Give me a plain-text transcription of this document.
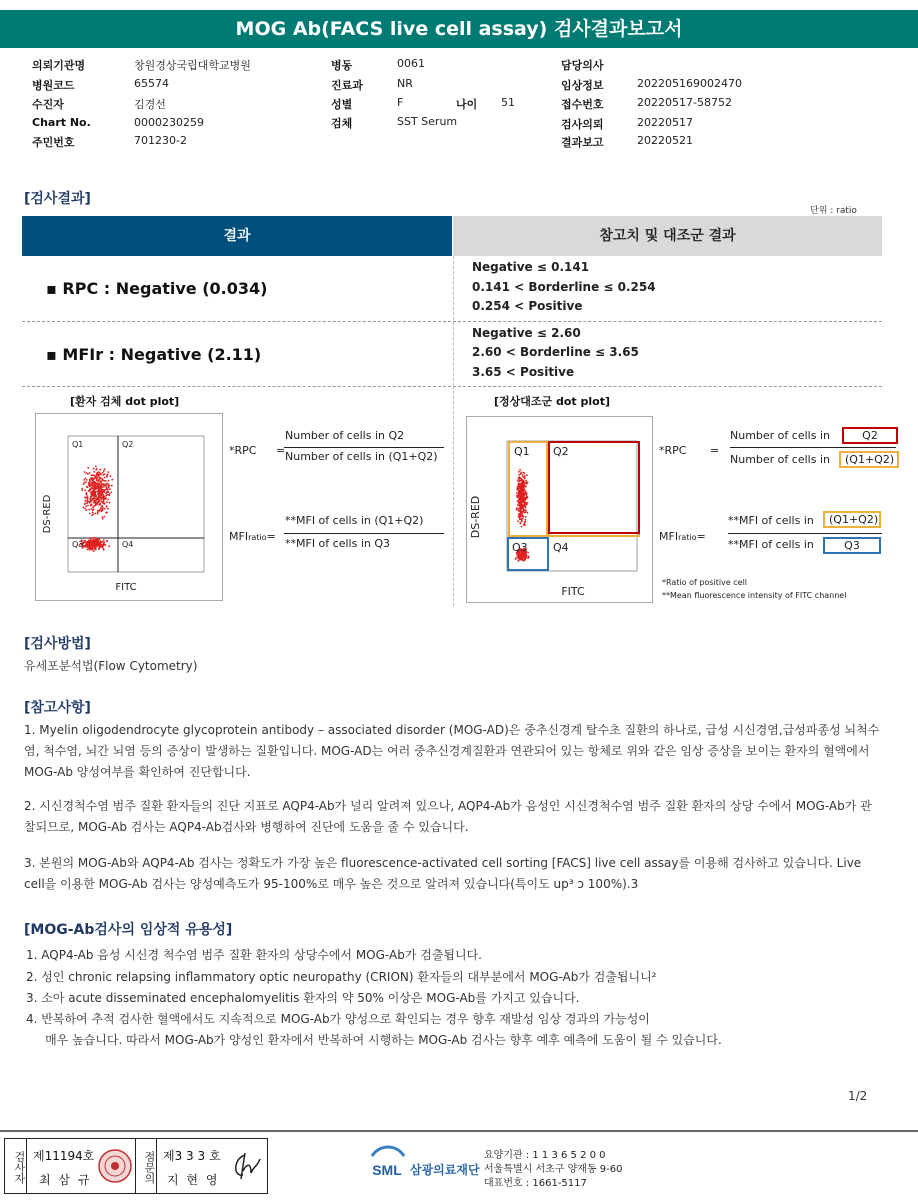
MOG Ab(FACS live cell assay) 검사결과보고서
의뢰기관명	창원경상국립대학교병원
병원코드	65574
수진자	김경선
Chart No.	0000230259
주민번호	701230-2
병동	0061
진료과	NR
성별	F	나이 51
검체	SST Serum
담당의사
임상정보	202205169002470
접수번호	20220517-58752
검사의뢰	20220517
결과보고	20220521
[검사결과]
단위 : ratio
결과	참고치 및 대조군 결과
▪ RPC : Negative (0.034)
Negative ≤ 0.141
0.141 < Borderline ≤ 0.254
0.254 < Positive
▪ MFIr : Negative (2.11)
Negative ≤ 2.60
2.60 < Borderline ≤ 3.65
3.65 < Positive
[환자 검체 dot plot]
Q1	Q2
Q3	Q4
FITC
DS-RED
*RPC =
Number of cells in Q2
Number of cells in (Q1+Q2)
MFIratio=
**MFI of cells in (Q1+Q2)
**MFI of cells in Q3
[정상대조군 dot plot]
Q1 Q2
Q3 Q4
FITC
DS-RED
*RPC =
Number of cells in	Q2
Number of cells in	(Q1+Q2)
MFIratio=
**MFI of cells in	(Q1+Q2)
**MFI of cells in	Q3
*Ratio of positive cell
**Mean fluorescence intensity of FITC channel
[검사방법]
유세포분석법(Flow Cytometry)
[참고사항]
1. Myelin oligodendrocyte glycoprotein antibody – associated disorder (MOG-AD)은 중추신경계 탈수초 질환의 하나로, 급성 시신경염,급성파종성 뇌척수염, 척수염, 뇌간 뇌염 등의 증상이 발생하는 질환입니다. MOG-AD는 여러 중추신경계질환과 연관되어 있는 항체로 위와 같은 임상 증상을 보이는 환자의 혈액에서 MOG-Ab 양성여부를 확인하여 진단합니다.
2. 시신경척수염 범주 질환 환자들의 진단 지표로 AQP4-Ab가 널리 알려져 있으나, AQP4-Ab가 음성인 시신경척수염 범주 질환 환자의 상당 수에서 MOG-Ab가 관찰되므로, MOG-Ab 검사는 AQP4-Ab검사와 병행하여 진단에 도움을 줄 수 있습니다.
3. 본원의 MOG-Ab와 AQP4-Ab 검사는 정확도가 가장 높은 fluorescence-activated cell sorting [FACS] live cell assay를 이용해 검사하고 있습니다. Live cell을 이용한 MOG-Ab 검사는 양성예측도가 95-100%로 매우 높은 것으로 알려져 있습니다(특이도 up³ ɔ 100%).3
[MOG-Ab검사의 임상적 유용성]
1. AQP4-Ab 음성 시신경 척수염 범주 질환 환자의 상당수에서 MOG-Ab가 검출됩니다.
2. 성인 chronic relapsing inflammatory optic neuropathy (CRION) 환자들의 대부분에서 MOG-Ab가 검출됩니니²
3. 소아 acute disseminated encephalomyelitis 환자의 약 50% 이상은 MOG-Ab를 가지고 있습니다.
4. 반복하여 추적 검사한 혈액에서도 지속적으로 MOG-Ab가 양성으로 확인되는 경우 향후 재발성 임상 경과의 가능성이
매우 높습니다. 따라서 MOG-Ab가 양성인 환자에서 반복하여 시행하는 MOG-Ab 검사는 향후 예후 예측에 도움이 될 수 있습니다.
1/2
검사자 제11194호
최 삼 규	점문의 제3 3 3 호
지 현 영
SML 삼광의료재단
요양기관 : 1 1 3 6 5 2 0 0
서울특별시 서초구 양재동 9-60
대표번호 : 1661-5117
